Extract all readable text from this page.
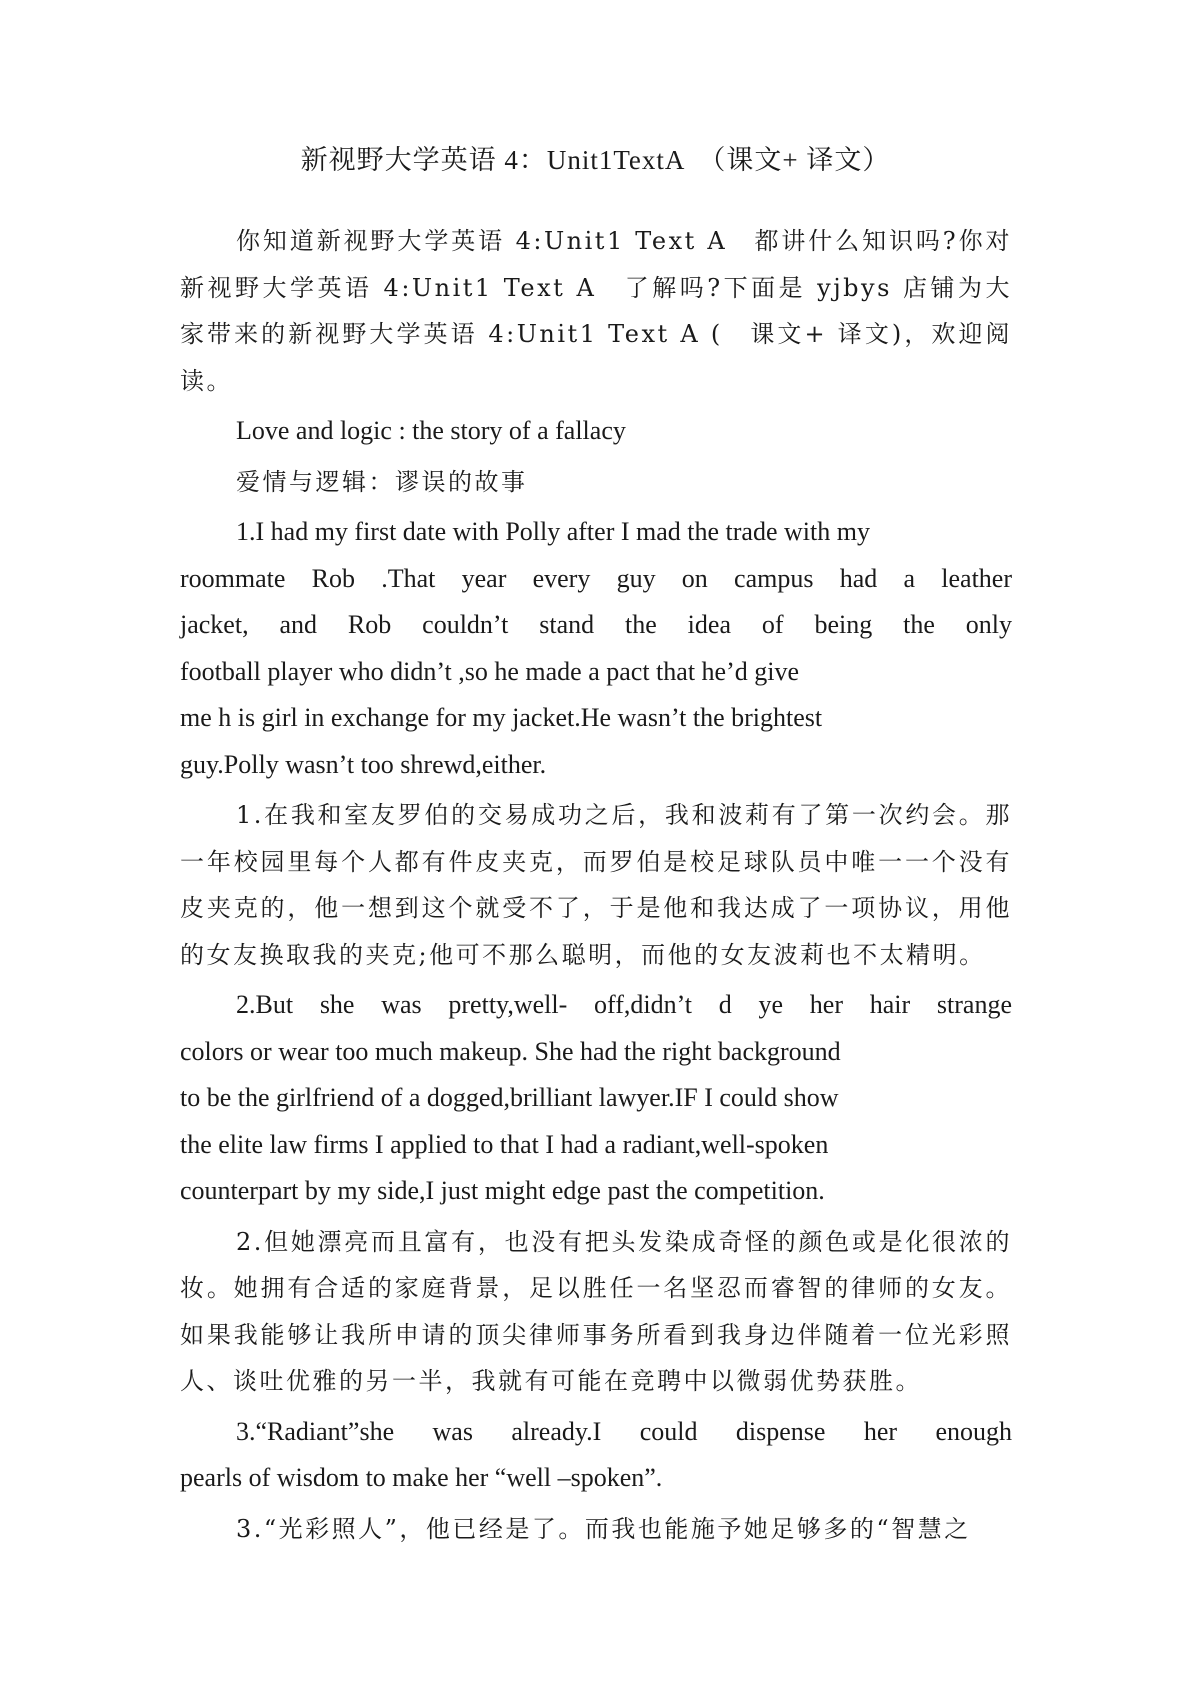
新视野大学英语 4：Unit1TextA　（课文+ 译文）

你知道新视野大学英语 4:Unit1 Text A　都讲什么知识吗?你对新视野大学英语 4:Unit1 Text A　了解吗?下面是 yjbys 店铺为大家带来的新视野大学英语 4:Unit1 Text A (　课文+ 译文)，欢迎阅读。

Love and logic : the story of a fallacy

爱情与逻辑：谬误的故事

1.I had my first date with Polly after I mad the trade with my
roommate Rob .That year every guy on campus had a leather
jacket, and Rob couldn’t stand the idea of being the only
football player who didn’t ,so he made a pact that he’d give
me h is girl in exchange for my jacket.He wasn’t the brightest
guy.Polly wasn’t too shrewd,either.

1.在我和室友罗伯的交易成功之后，我和波莉有了第一次约会。那一年校园里每个人都有件皮夹克，而罗伯是校足球队员中唯一一个没有皮夹克的，他一想到这个就受不了，于是他和我达成了一项协议，用他的女友换取我的夹克;他可不那么聪明，而他的女友波莉也不太精明。

2.But she was pretty,well- off,didn’t d ye her hair strange
colors or wear too much makeup. She had the right background
to be the girlfriend of a dogged,brilliant lawyer.IF I could show
the elite law firms I applied to that I had a radiant,well-spoken
counterpart by my side,I just might edge past the competition.

2.但她漂亮而且富有，也没有把头发染成奇怪的颜色或是化很浓的妆。她拥有合适的家庭背景，足以胜任一名坚忍而睿智的律师的女友。如果我能够让我所申请的顶尖律师事务所看到我身边伴随着一位光彩照人、谈吐优雅的另一半，我就有可能在竞聘中以微弱优势获胜。

3.“Radiant”she was already.I could dispense her enough
pearls of wisdom to make her “well ‒spoken”.

3.“光彩照人”，他已经是了。而我也能施予她足够多的“智慧之
